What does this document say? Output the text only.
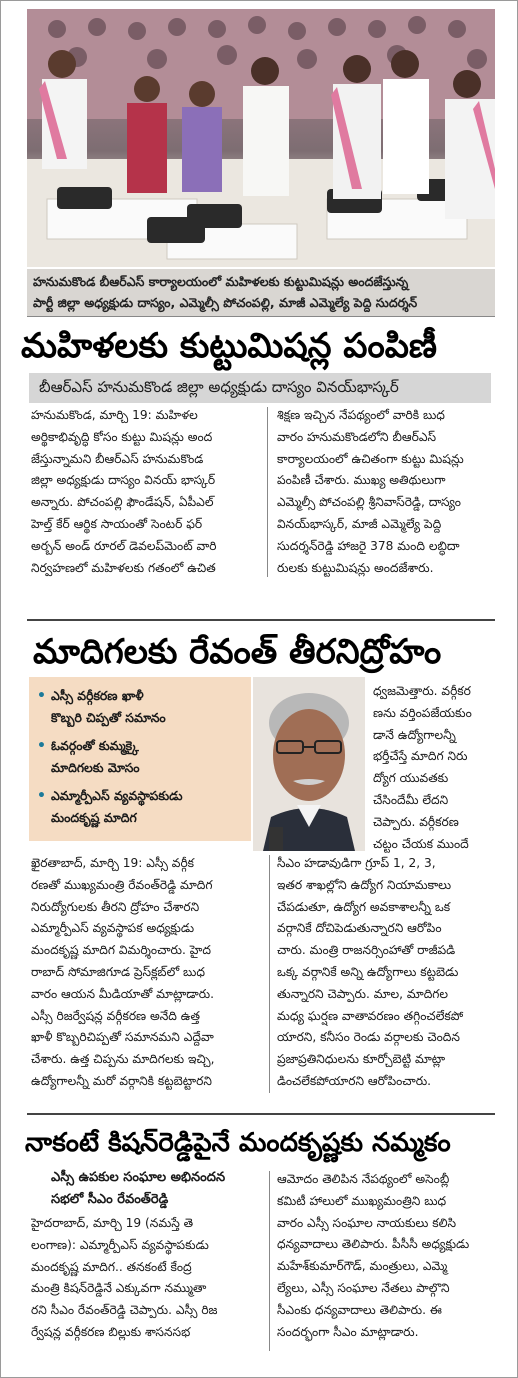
హనుమకొండ బీఆర్ఎస్ కార్యాలయంలో మహిళలకు కుట్టుమిషన్లు అందజేస్తున్న
పార్టీ జిల్లా అధ్యక్షుడు దాస్యం, ఎమ్మెల్సీ పోచంపల్లి, మాజీ ఎమ్మెల్యే పెద్ది సుదర్శన్
మహిళలకు కుట్టుమిషన్ల పంపిణీ
బీఆర్ఎస్ హనుమకొండ జిల్లా అధ్యక్షుడు దాస్యం వినయ్‌భాస్కర్
హనుమకొండ, మార్చి 19: మహిళల
అర్థికాభివృద్ధి కోసం కుట్టు మిషన్లు అంద
జేస్తున్నామని బీఆర్ఎస్ హనుమకొండ
జిల్లా అధ్యక్షుడు దాస్యం వినయ్ భాస్కర్
అన్నారు. పోచంపల్లి ఫౌండేషన్, ఏపీఎల్
హెల్త్ కేర్ ఆర్థిక సాయంతో సెంటర్ ఫర్
అర్బన్ అండ్ రూరల్ డెవలప్‌మెంట్ వారి
నిర్వహణలో మహిళలకు గతంలో ఉచిత
శిక్షణ ఇచ్చిన నేపథ్యంలో వారికి బుధ
వారం హనుమకొండలోని బీఆర్ఎస్
కార్యాలయంలో ఉచితంగా కుట్టు మిషన్లు
పంపిణీ చేశారు. ముఖ్య అతిథులుగా
ఎమ్మెల్సీ పోచంపల్లి శ్రీనివాస్‌రెడ్డి, దాస్యం
వినయ్‌భాస్కర్, మాజీ ఎమ్మెల్యే పెద్ది
సుదర్శన్‌రెడ్డి హాజరై 378 మంది లబ్ధిదా
రులకు కుట్టుమిషన్లు అందజేశారు.
మాదిగలకు రేవంత్ తీరనిద్రోహం
• ఎస్సీ వర్గీకరణ ఖాళీ
కొబ్బరి చిప్పతో సమానం
• ఓవర్గంతో కుమ్మక్కై
మాదిగలకు మోసం
• ఎమ్మార్పీఎస్ వ్యవస్థాపకుడు
మందకృష్ణ మాదిగ
ధ్వజమెత్తారు. వర్గీకర
ణను వర్తింపజేయకుం
డానే ఉద్యోగాలన్నీ
భర్తీచేస్తే మాదిగ నిరు
ద్యోగ యువతకు
చేసిందేమీ లేదని
చెప్పారు. వర్గీకరణ
చట్టం చేయక ముందే
ఖైరతాబాద్, మార్చి 19: ఎస్సీ వర్గీక
రణతో ముఖ్యమంత్రి రేవంత్‌రెడ్డి మాదిగ
నిరుద్యోగులకు తీరని ద్రోహం చేశారని
ఎమ్మార్పీఎస్ వ్యవస్థాపక అధ్యక్షుడు
మందకృష్ణ మాదిగ విమర్శించారు. హైద
రాబాద్ సోమాజిగూడ ప్రెస్‌క్లబ్‌లో బుధ
వారం ఆయన మీడియాతో మాట్లాడారు.
ఎస్సీ రిజర్వేషన్ల వర్గీకరణ అనేది ఉత్త
ఖాళీ కొబ్బరిచిప్పతో సమానమని ఎద్దేవా
చేశారు. ఉత్త చిప్పను మాదిగలకు ఇచ్చి,
ఉద్యోగాలన్నీ మరో వర్గానికి కట్టబెట్టారని
సీఎం హడావుడిగా గ్రూప్ 1, 2, 3,
ఇతర శాఖల్లోని ఉద్యోగ నియామకాలు
చేపడుతూ, ఉద్యోగ అవకాశాలన్నీ ఒక
వర్గానికే దోచిపెడుతున్నారని ఆరోపిం
చారు. మంత్రి రాజనర్సింహాతో రాజీపడి
ఒక్క వర్గానికే అన్ని ఉద్యోగాలు కట్టబెడు
తున్నారని చెప్పారు. మాల, మాదిగల
మధ్య ఘర్షణ వాతావరణం తగ్గించలేకపో
యారని, కనీసం రెండు వర్గాలకు చెందిన
ప్రజాప్రతినిధులను కూర్చోబెట్టి మాట్లా
డించలేకపోయారని ఆరోపించారు.
నాకంటే కిషన్‌రెడ్డిపైనే మందకృష్ణకు నమ్మకం
ఎస్సీ ఉపకుల సంఘాల అభినందన
సభలో సీఎం రేవంత్‌రెడ్డి
హైదరాబాద్, మార్చి 19 (నమస్తే తె
లంగాణ): ఎమ్మార్పీఎస్ వ్యవస్థాపకుడు
మందకృష్ణ మాదిగ.. తనకంటే కేంద్ర
మంత్రి కిషన్‌రెడ్డినే ఎక్కువగా నమ్ముతా
రని సీఎం రేవంత్‌రెడ్డి చెప్పారు. ఎస్సీ రిజ
ర్వేషన్ల వర్గీకరణ బిల్లుకు శాసనసభ
ఆమోదం తెలిపిన నేపథ్యంలో అసెంబ్లీ
కమిటీ హాలులో ముఖ్యమంత్రిని బుధ
వారం ఎస్సీ సంఘాల నాయకులు కలిసి
ధన్యవాదాలు తెలిపారు. పీసీసీ అధ్యక్షుడు
మహేశ్‌కుమార్‌గౌడ్, మంత్రులు, ఎమ్మె
ల్యేలు, ఎస్సీ సంఘాల నేతలు పాల్గొని
సీఎంకు ధన్యవాదాలు తెలిపారు. ఈ
సందర్భంగా సీఎం మాట్లాడారు.
